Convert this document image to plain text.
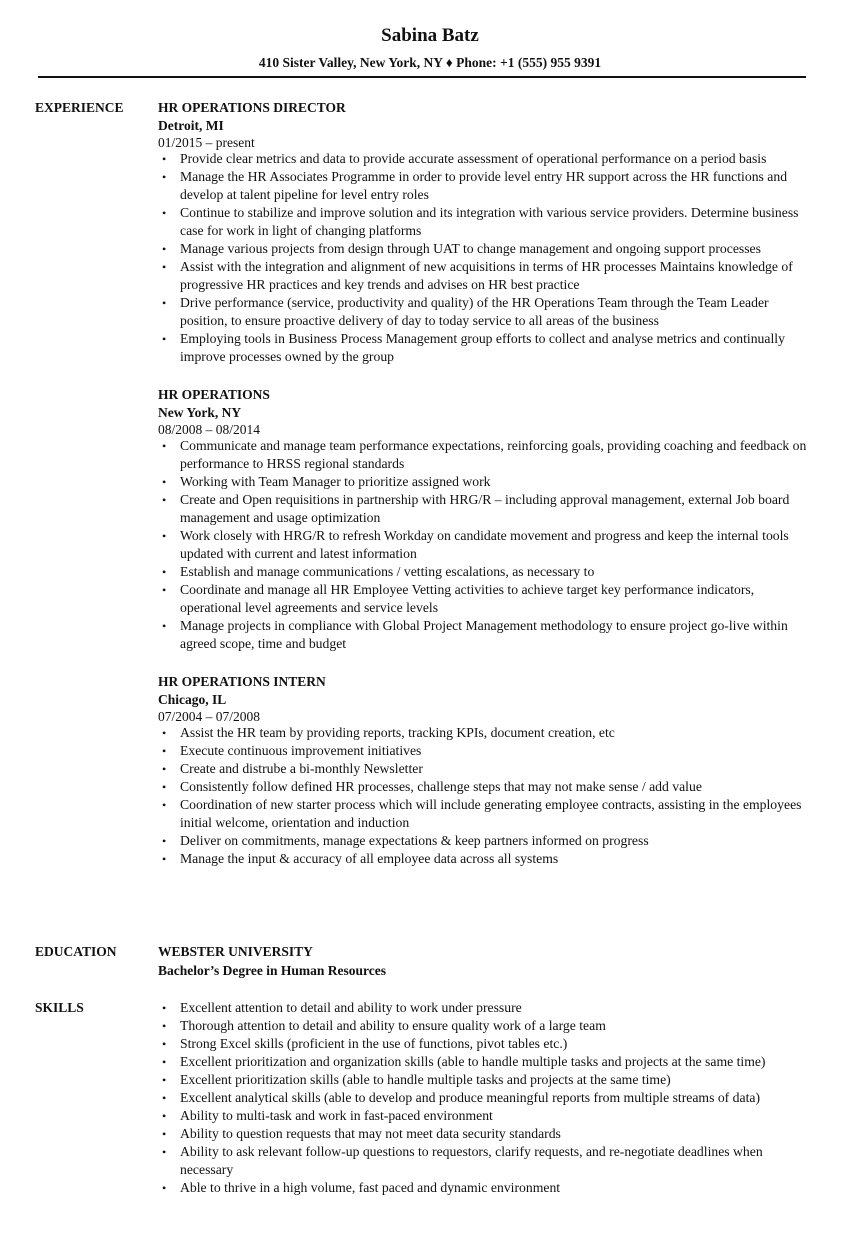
Sabina Batz
410 Sister Valley, New York, NY ♦ Phone: +1 (555) 955 9391
EXPERIENCE	HR OPERATIONS DIRECTOR
Detroit, MI
01/2015 – present
• Provide clear metrics and data to provide accurate assessment of operational performance on a period basis
• Manage the HR Associates Programme in order to provide level entry HR support across the HR functions and develop at talent pipeline for level entry roles
• Continue to stabilize and improve solution and its integration with various service providers. Determine business case for work in light of changing platforms
• Manage various projects from design through UAT to change management and ongoing support processes
• Assist with the integration and alignment of new acquisitions in terms of HR processes Maintains knowledge of progressive HR practices and key trends and advises on HR best practice
• Drive performance (service, productivity and quality) of the HR Operations Team through the Team Leader position, to ensure proactive delivery of day to today service to all areas of the business
• Employing tools in Business Process Management group efforts to collect and analyse metrics and continually improve processes owned by the group
HR OPERATIONS
New York, NY
08/2008 – 08/2014
• Communicate and manage team performance expectations, reinforcing goals, providing coaching and feedback on performance to HRSS regional standards
• Working with Team Manager to prioritize assigned work
• Create and Open requisitions in partnership with HRG/R – including approval management, external Job board management and usage optimization
• Work closely with HRG/R to refresh Workday on candidate movement and progress and keep the internal tools updated with current and latest information
• Establish and manage communications / vetting escalations, as necessary to
• Coordinate and manage all HR Employee Vetting activities to achieve target key performance indicators, operational level agreements and service levels
• Manage projects in compliance with Global Project Management methodology to ensure project go-live within agreed scope, time and budget
HR OPERATIONS INTERN
Chicago, IL
07/2004 – 07/2008
• Assist the HR team by providing reports, tracking KPIs, document creation, etc
• Execute continuous improvement initiatives
• Create and distrube a bi-monthly Newsletter
• Consistently follow defined HR processes, challenge steps that may not make sense / add value
• Coordination of new starter process which will include generating employee contracts, assisting in the employees initial welcome, orientation and induction
• Deliver on commitments, manage expectations & keep partners informed on progress
• Manage the input & accuracy of all employee data across all systems
EDUCATION	WEBSTER UNIVERSITY
Bachelor’s Degree in Human Resources
SKILLS	• Excellent attention to detail and ability to work under pressure
• Thorough attention to detail and ability to ensure quality work of a large team
• Strong Excel skills (proficient in the use of functions, pivot tables etc.)
• Excellent prioritization and organization skills (able to handle multiple tasks and projects at the same time)
• Excellent prioritization skills (able to handle multiple tasks and projects at the same time)
• Excellent analytical skills (able to develop and produce meaningful reports from multiple streams of data)
• Ability to multi-task and work in fast-paced environment
• Ability to question requests that may not meet data security standards
• Ability to ask relevant follow-up questions to requestors, clarify requests, and re-negotiate deadlines when necessary
• Able to thrive in a high volume, fast paced and dynamic environment
